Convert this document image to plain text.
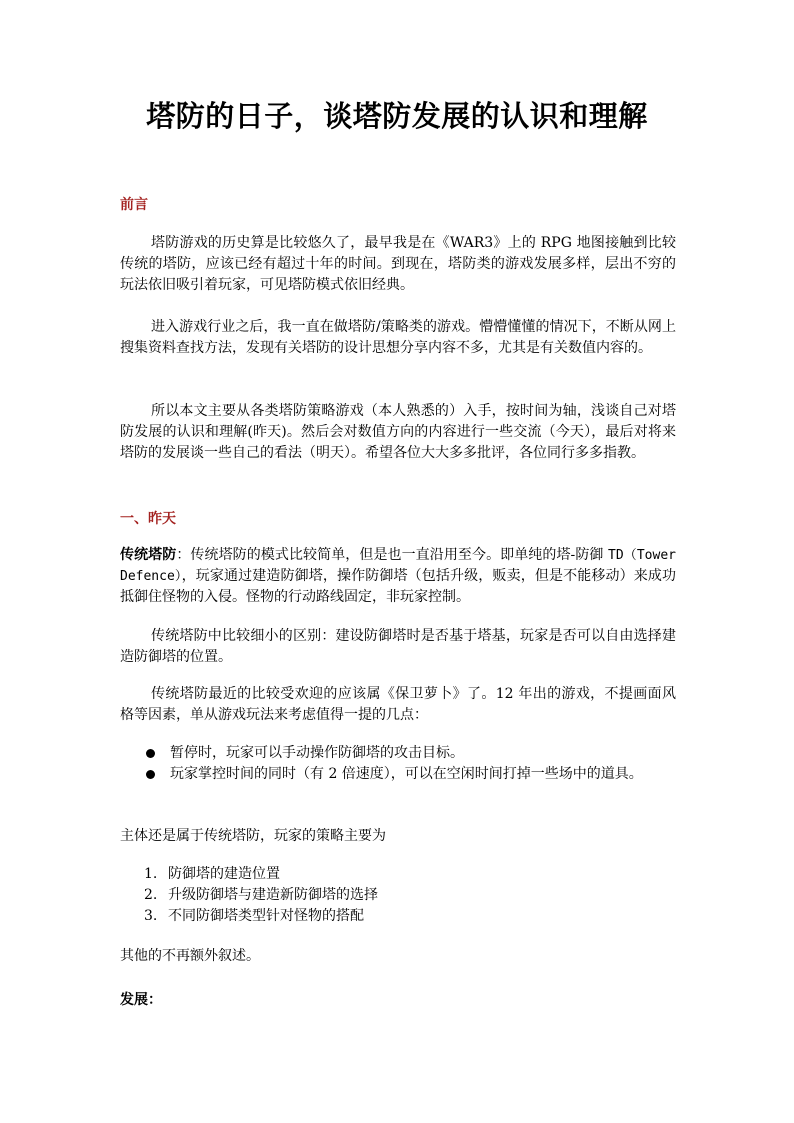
塔防的日子，谈塔防发展的认识和理解
前言

塔防游戏的历史算是比较悠久了，最早我是在《WAR3》上的 RPG 地图接触到比较传统的塔防，应该已经有超过十年的时间。到现在，塔防类的游戏发展多样，层出不穷的玩法依旧吸引着玩家，可见塔防模式依旧经典。

进入游戏行业之后，我一直在做塔防/策略类的游戏。懵懵懂懂的情况下，不断从网上搜集资料查找方法，发现有关塔防的设计思想分享内容不多，尤其是有关数值内容的。

所以本文主要从各类塔防策略游戏（本人熟悉的）入手，按时间为轴，浅谈自己对塔防发展的认识和理解(昨天)。然后会对数值方向的内容进行一些交流（今天），最后对将来塔防的发展谈一些自己的看法（明天）。希望各位大大多多批评，各位同行多多指教。

一、昨天

传统塔防：传统塔防的模式比较简单，但是也一直沿用至今。即单纯的塔-防御 TD（Tower Defence），玩家通过建造防御塔，操作防御塔（包括升级，贩卖，但是不能移动）来成功抵御住怪物的入侵。怪物的行动路线固定，非玩家控制。

传统塔防中比较细小的区别：建设防御塔时是否基于塔基，玩家是否可以自由选择建造防御塔的位置。

传统塔防最近的比较受欢迎的应该属《保卫萝卜》了。12 年出的游戏，不提画面风格等因素，单从游戏玩法来考虑值得一提的几点：

暂停时，玩家可以手动操作防御塔的攻击目标。
玩家掌控时间的同时（有 2 倍速度），可以在空闲时间打掉一些场中的道具。

主体还是属于传统塔防，玩家的策略主要为

1. 防御塔的建造位置
2. 升级防御塔与建造新防御塔的选择
3. 不同防御塔类型针对怪物的搭配

其他的不再额外叙述。

发展：
